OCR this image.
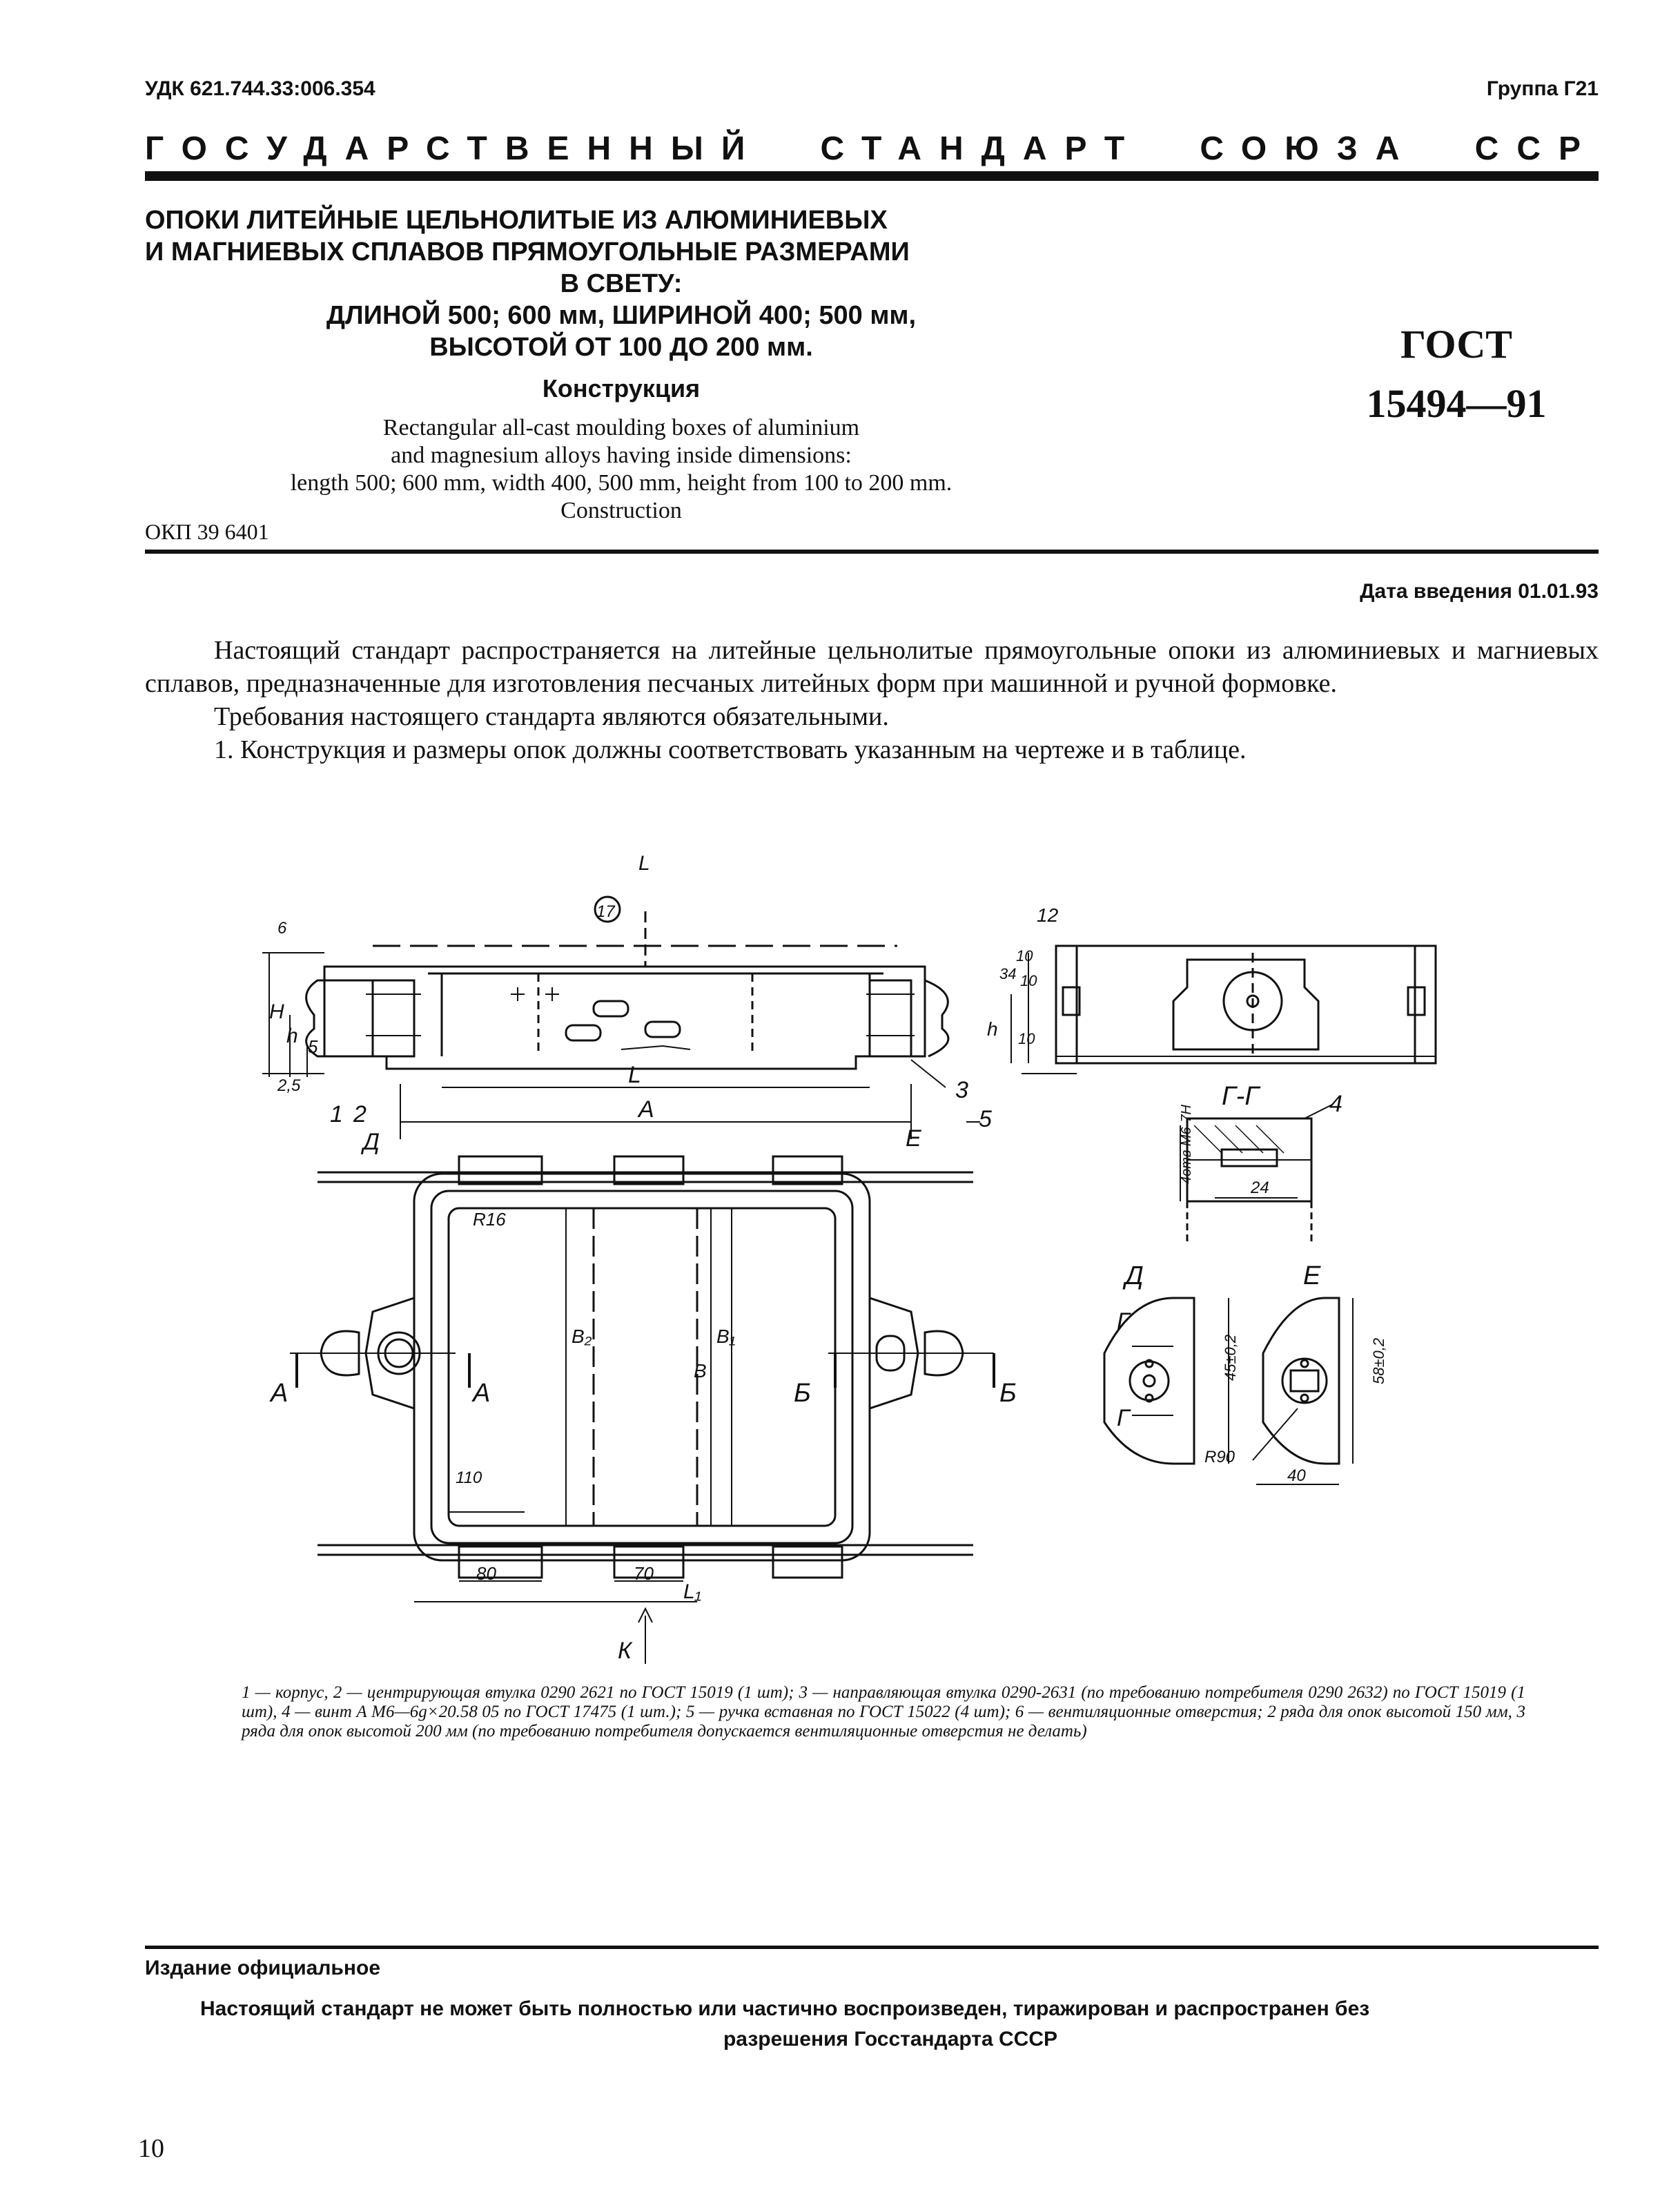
УДК 621.744.33:006.354	Группа Г21
ГОСУДАРСТВЕННЫЙ СТАНДАРТ СОЮЗА ССР
ОПОКИ ЛИТЕЙНЫЕ ЦЕЛЬНОЛИТЫЕ ИЗ АЛЮМИНИЕВЫХ
И МАГНИЕВЫХ СПЛАВОВ ПРЯМОУГОЛЬНЫЕ РАЗМЕРАМИ
В СВЕТУ:
ДЛИНОЙ 500; 600 мм, ШИРИНОЙ 400; 500 мм,
ВЫСОТОЙ ОТ 100 ДО 200 мм.
Конструкция
Rectangular all-cast moulding boxes of aluminium
and magnesium alloys having inside dimensions:
length 500; 600 mm, width 400, 500 mm, height from 100 to 200 mm.
Construction
ГОСТ
15494—91
ОКП 39 6401
Дата введения 01.01.93

Настоящий стандарт распространяется на литейные цельнолитые прямоугольные опоки из алюминиевых и магниевых сплавов, предназначенные для изготовления песчаных литейных форм при машинной и ручной формовке.

Требования настоящего стандарта являются обязательными.

1. Конструкция и размеры опок должны соответствовать указанным на чертеже и в таблице.

L
17
6
H
h 5
2,5
1 2
3
5
L
A
Д	Е
R16
B₂	B₁
B
А	А	Б	Б
110
80	70
L₁
К
12
10
34 10
10
h
Г-Г	4
4отв М6-7Н
24
Д	Е
Г
Г
45±0,2	58±0,2
R90
40
1 — корпус, 2 — центрирующая втулка 0290 2621 по ГОСТ 15019 (1 шт); 3 — направляющая втулка 0290-2631 (по требованию потребителя 0290 2632) по ГОСТ 15019 (1 шт), 4 — винт А М6—6g×20.58 05 по ГОСТ 17475 (1 шт.); 5 — ручка вставная по ГОСТ 15022 (4 шт); 6 — вентиляционные отверстия; 2 ряда для опок высотой 150 мм, 3 ряда для опок высотой 200 мм (по требованию потребителя допускается вентиляционные отверстия не делать)
Издание официальное
Настоящий стандарт не может быть полностью или частично воспроизведен, тиражирован и распространен без
разрешения Госстандарта СССР
10
